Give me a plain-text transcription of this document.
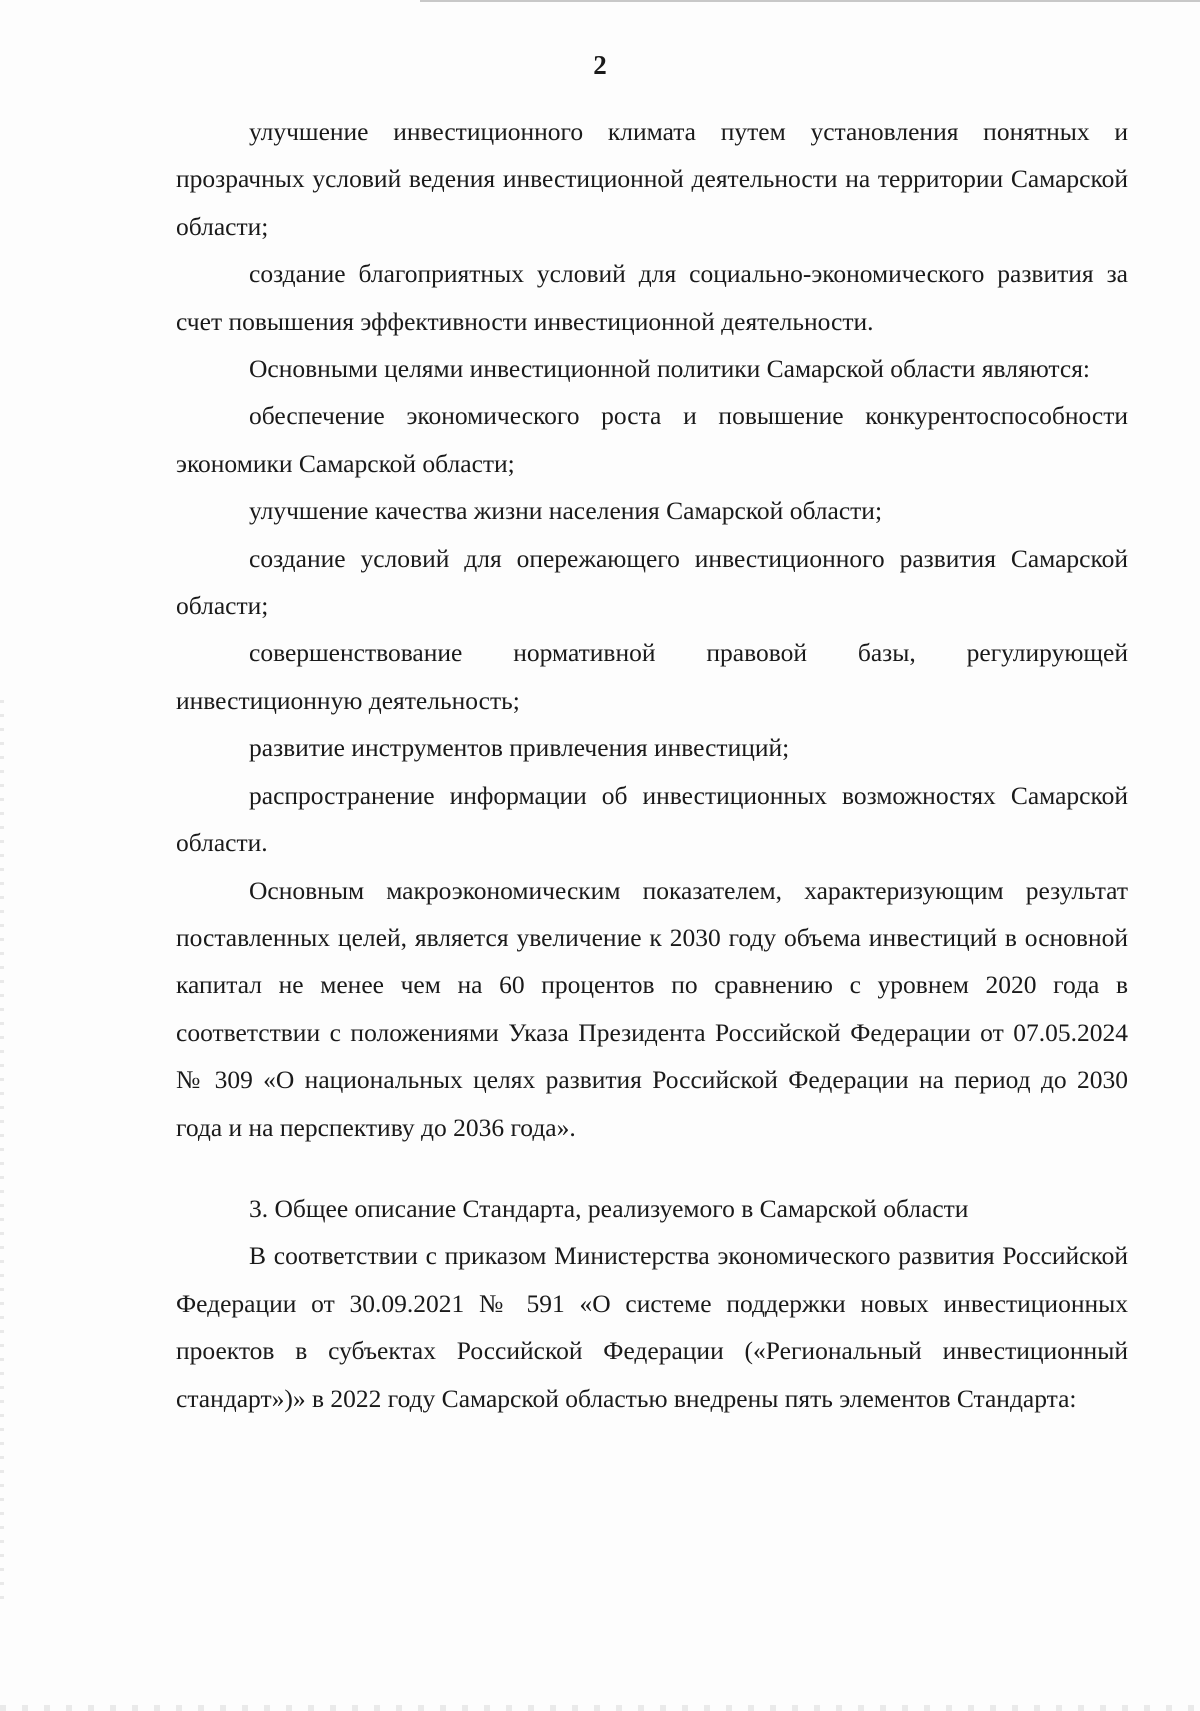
2

улучшение инвестиционного климата путем установления понятных и прозрачных условий ведения инвестиционной деятельности на территории Самарской области;

создание благоприятных условий для социально-экономического развития за счет повышения эффективности инвестиционной деятельности.

Основными целями инвестиционной политики Самарской области являются:

обеспечение экономического роста и повышение конкурентоспособности экономики Самарской области;

улучшение качества жизни населения Самарской области;

создание условий для опережающего инвестиционного развития Самарской области;

совершенствование нормативной правовой базы, регулирующей инвестиционную деятельность;

развитие инструментов привлечения инвестиций;

распространение информации об инвестиционных возможностях Самарской области.

Основным макроэкономическим показателем, характеризующим результат поставленных целей, является увеличение к 2030 году объема инвестиций в основной капитал не менее чем на 60 процентов по сравнению с уровнем 2020 года в соответствии с положениями Указа Президента Российской Федерации от 07.05.2024 № 309 «О национальных целях развития Российской Федерации на период до 2030 года и на перспективу до 2036 года».

3. Общее описание Стандарта, реализуемого в Самарской области

В соответствии с приказом Министерства экономического развития Российской Федерации от 30.09.2021 № 591 «О системе поддержки новых инвестиционных проектов в субъектах Российской Федерации («Региональный инвестиционный стандарт»)» в 2022 году Самарской областью внедрены пять элементов Стандарта:
